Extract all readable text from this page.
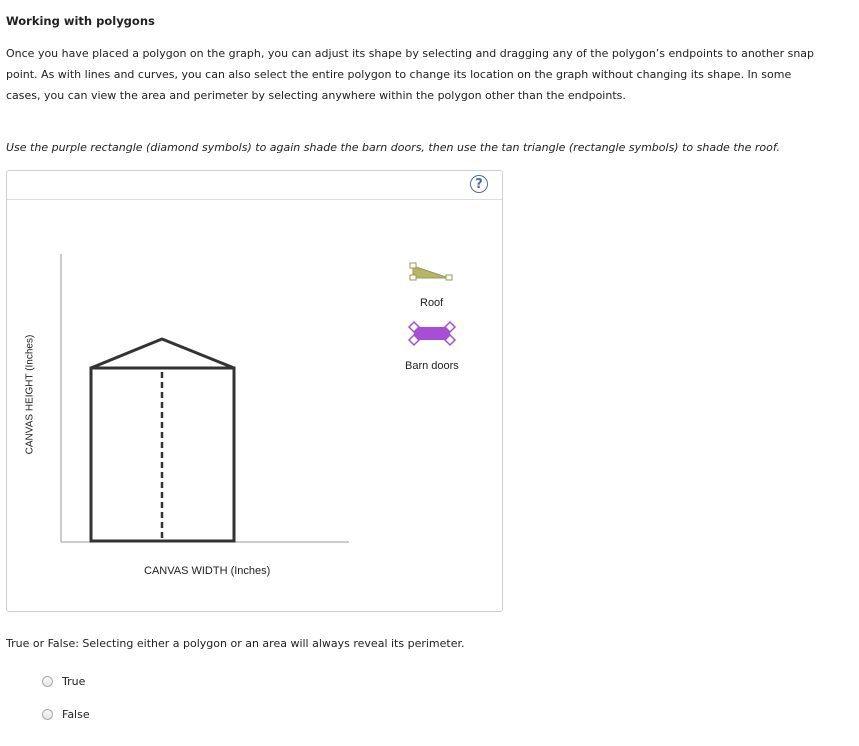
Working with polygons
Once you have placed a polygon on the graph, you can adjust its shape by selecting and dragging any of the polygon’s endpoints to another snap point. As with lines and curves, you can also select the entire polygon to change its location on the graph without changing its shape. In some cases, you can view the area and perimeter by selecting anywhere within the polygon other than the endpoints.
Use the purple rectangle (diamond symbols) to again shade the barn doors, then use the tan triangle (rectangle symbols) to shade the roof.
?
CANVAS HEIGHT (Inches)
CANVAS WIDTH (Inches)
Roof
Barn doors
True or False: Selecting either a polygon or an area will always reveal its perimeter.
True
False
